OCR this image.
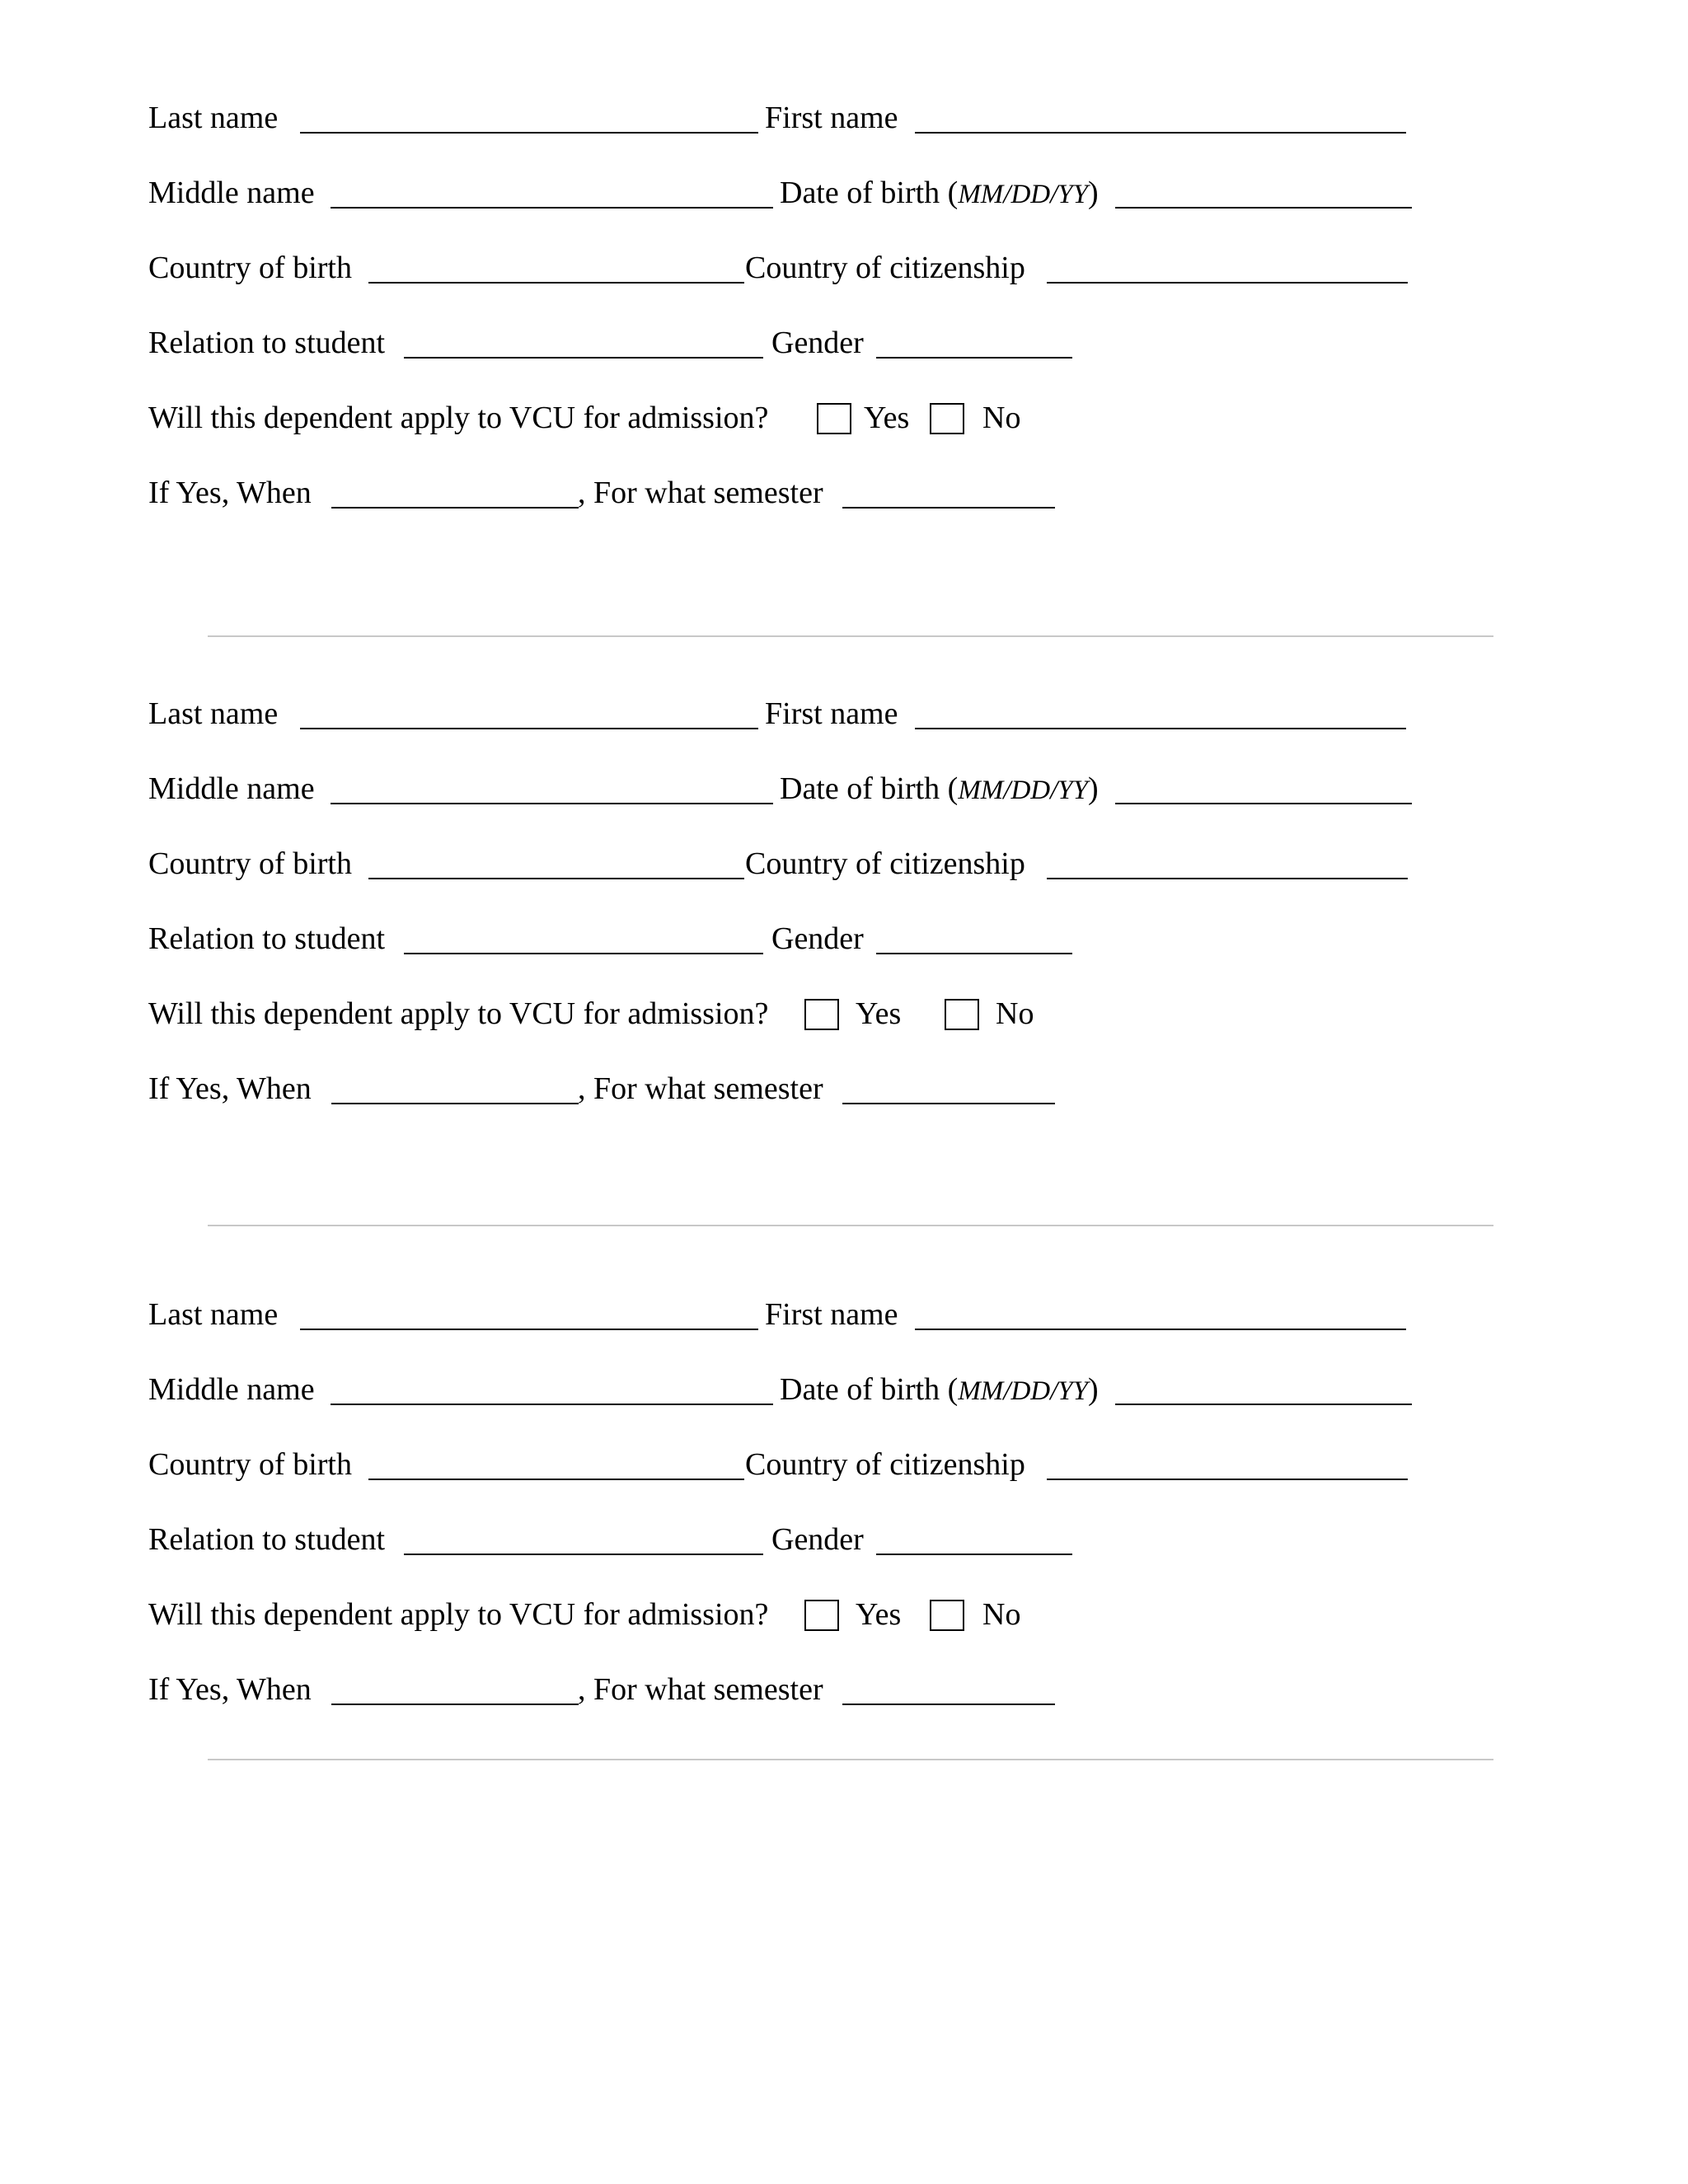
Last name	First name
Middle name	Date of birth (MM/DD/YY)
Country of birth	Country of citizenship
Relation to student	Gender
Will this dependent apply to VCU for admission?	Yes No
If Yes, When	, For what semester
Last name	First name
Middle name	Date of birth (MM/DD/YY)
Country of birth	Country of citizenship
Relation to student	Gender
Will this dependent apply to VCU for admission?	Yes	No
If Yes, When	, For what semester
Last name	First name
Middle name	Date of birth (MM/DD/YY)
Country of birth	Country of citizenship
Relation to student	Gender
Will this dependent apply to VCU for admission?	Yes	No
If Yes, When	, For what semester
